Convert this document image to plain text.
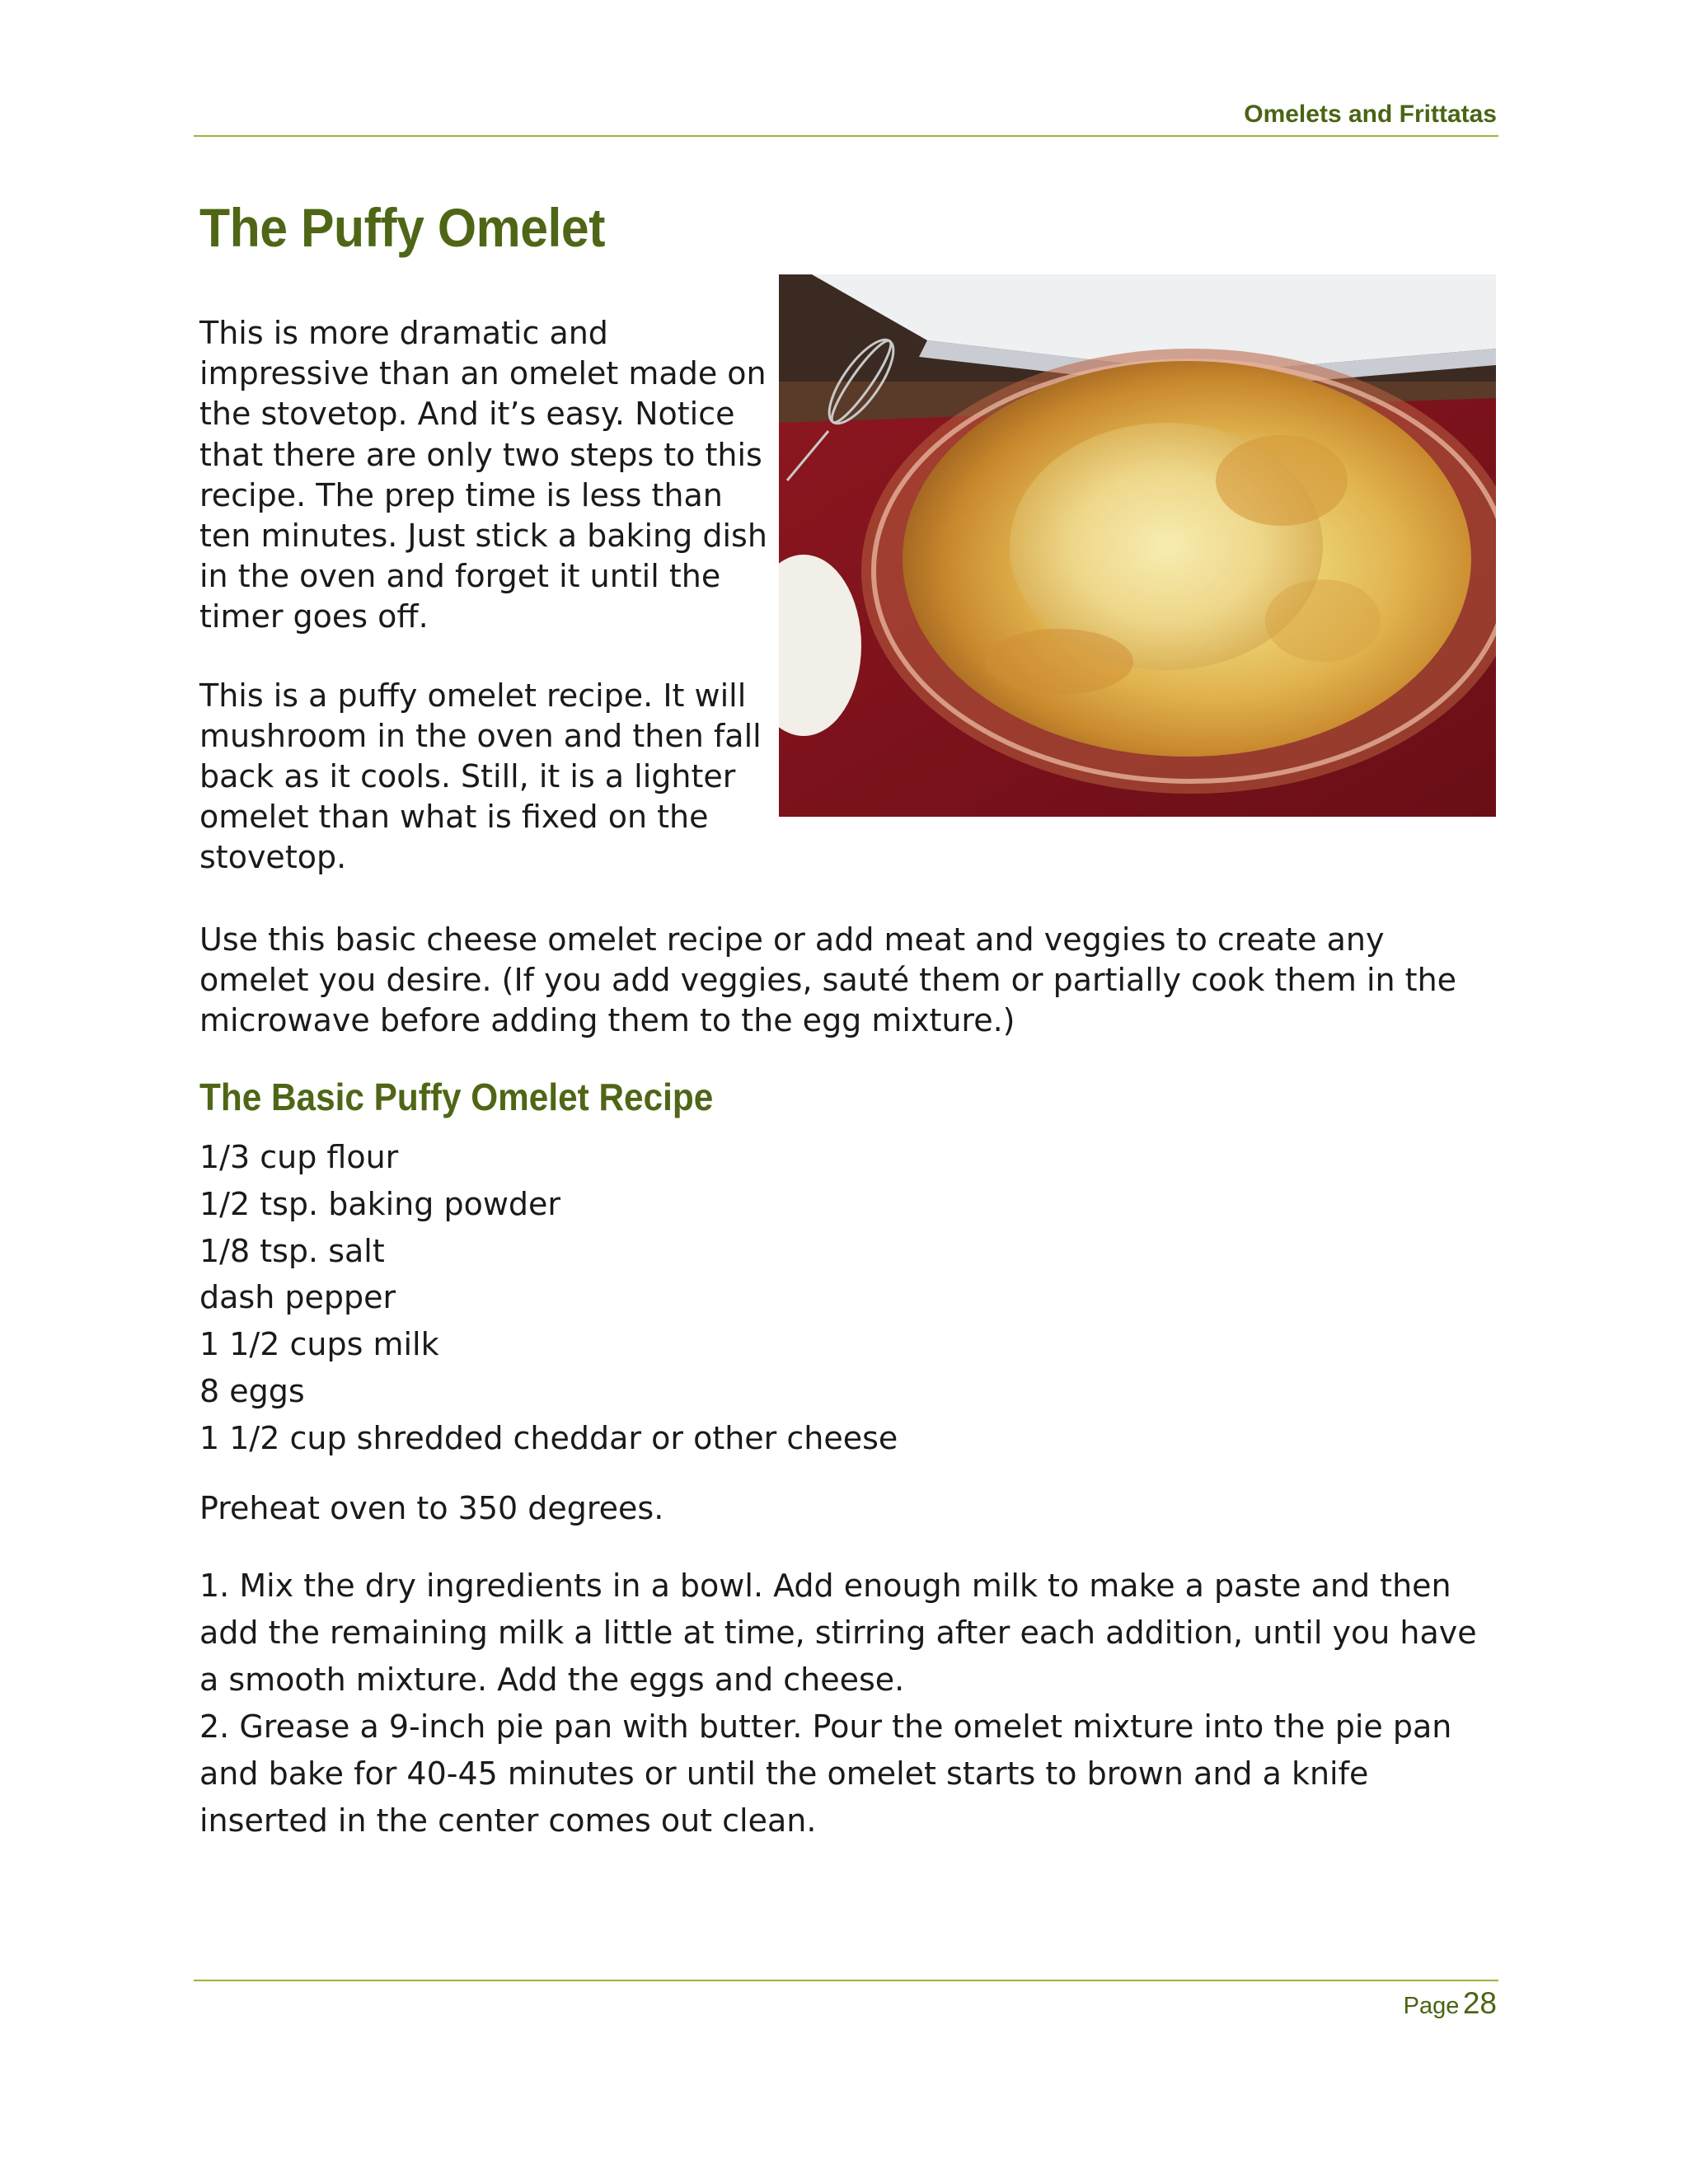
Omelets and Frittatas
The Puffy Omelet

This is more dramatic and impressive than an omelet made on the stovetop. And it’s easy. Notice that there are only two steps to this recipe. The prep time is less than ten minutes. Just stick a baking dish in the oven and forget it until the timer goes off.

This is a puffy omelet recipe. It will mushroom in the oven and then fall back as it cools. Still, it is a lighter omelet than what is fixed on the stovetop.

Use this basic cheese omelet recipe or add meat and veggies to create any omelet you desire. (If you add veggies, sauté them or partially cook them in the microwave before adding them to the egg mixture.)
The Basic Puffy Omelet Recipe
1/3 cup flour
1/2 tsp. baking powder
1/8 tsp. salt
dash pepper
1 1/2 cups milk
8 eggs
1 1/2 cup shredded cheddar or other cheese
Preheat oven to 350 degrees.

1. Mix the dry ingredients in a bowl. Add enough milk to make a paste and then add the remaining milk a little at time, stirring after each addition, until you have a smooth mixture. Add the eggs and cheese.

2. Grease a 9-inch pie pan with butter. Pour the omelet mixture into the pie pan and bake for 40-45 minutes or until the omelet starts to brown and a knife inserted in the center comes out clean.

Page 28
